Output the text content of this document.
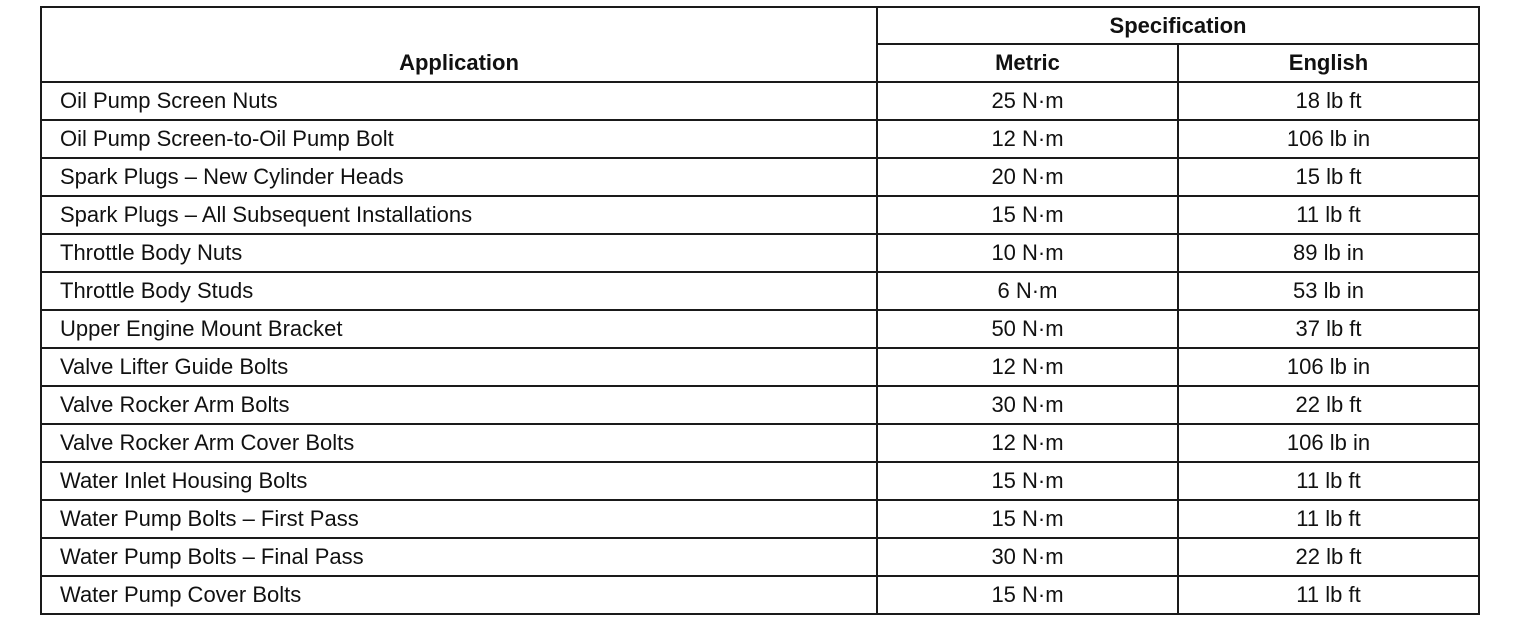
Application	Specification	
	Metric	English
Oil Pump Screen Nuts	25 N·m	18 lb ft
Oil Pump Screen-to-Oil Pump Bolt	12 N·m	106 lb in
Spark Plugs – New Cylinder Heads	20 N·m	15 lb ft
Spark Plugs – All Subsequent Installations	15 N·m	11 lb ft
Throttle Body Nuts	10 N·m	89 lb in
Throttle Body Studs	6 N·m	53 lb in
Upper Engine Mount Bracket	50 N·m	37 lb ft
Valve Lifter Guide Bolts	12 N·m	106 lb in
Valve Rocker Arm Bolts	30 N·m	22 lb ft
Valve Rocker Arm Cover Bolts	12 N·m	106 lb in
Water Inlet Housing Bolts	15 N·m	11 lb ft
Water Pump Bolts – First Pass	15 N·m	11 lb ft
Water Pump Bolts – Final Pass	30 N·m	22 lb ft
Water Pump Cover Bolts	15 N·m	11 lb ft
